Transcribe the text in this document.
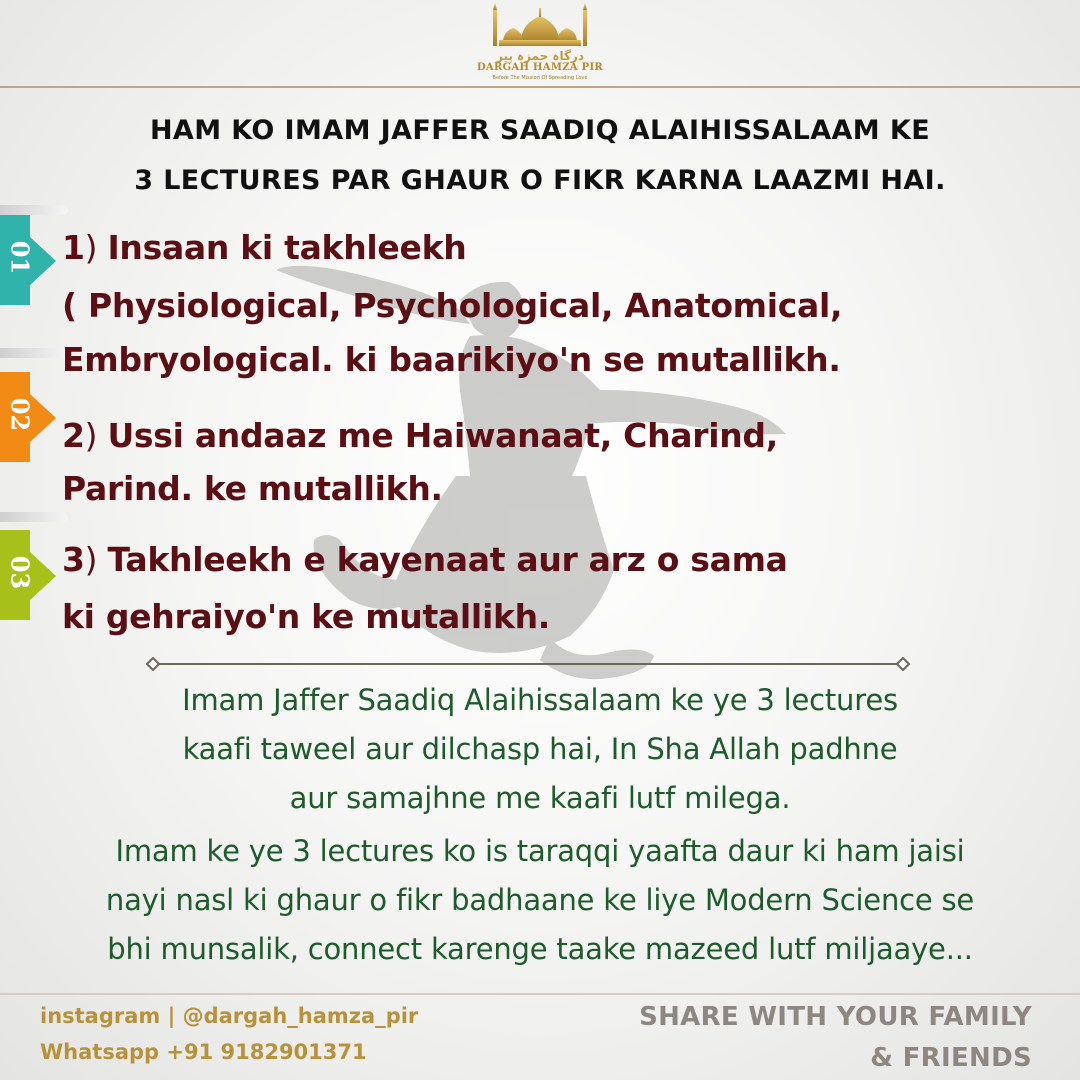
درگاہ حمزہ پیر
DARGAH HAMZA PIR
Before The Mission Of Spreading Love
HAM KO IMAM JAFFER SAADIQ ALAIHISSALAAM KE
3 LECTURES PAR GHAUR O FIKR KARNA LAAZMI HAI.
01
02
03
1) Insaan ki takhleekh
( Physiological, Psychological, Anatomical,
Embryological. ki baarikiyo'n se mutallikh.
2) Ussi andaaz me Haiwanaat, Charind,
Parind. ke mutallikh.
3) Takhleekh e kayenaat aur arz o sama
ki gehraiyo'n ke mutallikh.
Imam Jaffer Saadiq Alaihissalaam ke ye 3 lectures
kaafi taweel aur dilchasp hai, In Sha Allah padhne
aur samajhne me kaafi lutf milega.
Imam ke ye 3 lectures ko is taraqqi yaafta daur ki ham jaisi
nayi nasl ki ghaur o fikr badhaane ke liye Modern Science se
bhi munsalik, connect karenge taake mazeed lutf miljaaye...
instagram | @dargah_hamza_pir
Whatsapp +91 9182901371
SHARE WITH YOUR FAMILY
& FRIENDS
